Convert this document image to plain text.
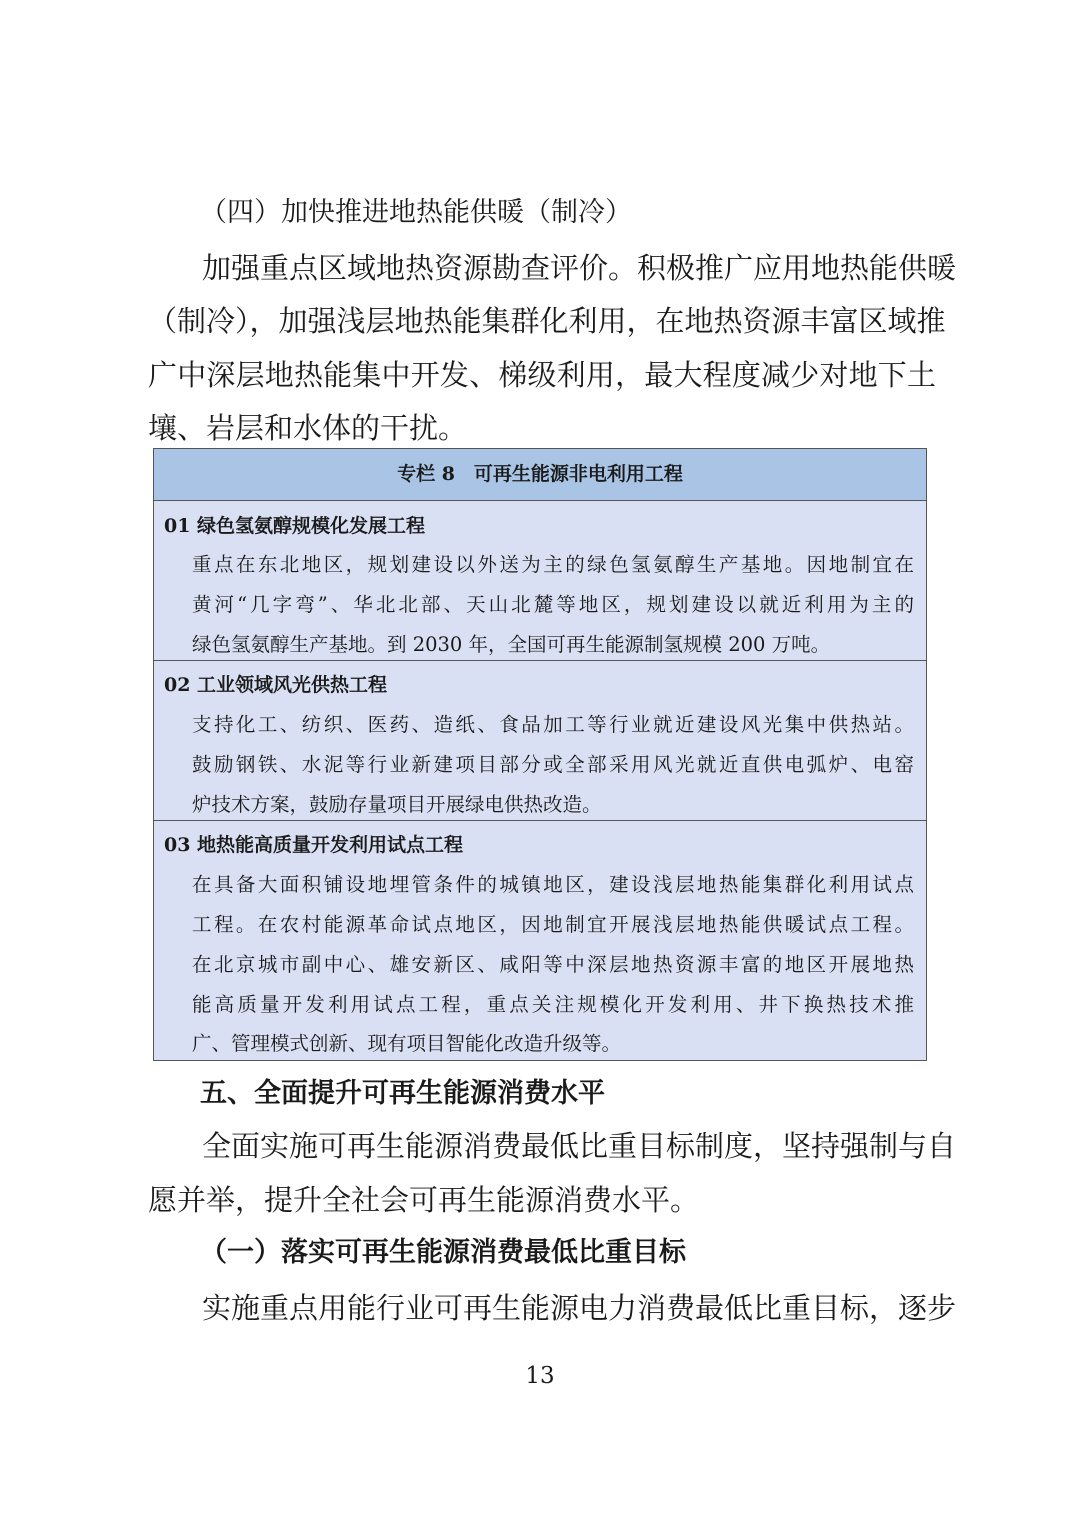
（四）加快推进地热能供暖（制冷）
加强重点区域地热资源勘查评价。积极推广应用地热能供暖
（制冷），加强浅层地热能集群化利用，在地热资源丰富区域推
广中深层地热能集中开发、梯级利用，最大程度减少对地下土
壤、岩层和水体的干扰。
专栏 8　可再生能源非电利用工程
01 绿色氢氨醇规模化发展工程
重点在东北地区，规划建设以外送为主的绿色氢氨醇生产基地。因地制宜在
黄河“几字弯”、华北北部、天山北麓等地区，规划建设以就近利用为主的
绿色氢氨醇生产基地。到 2030 年，全国可再生能源制氢规模 200 万吨。
02 工业领域风光供热工程
支持化工、纺织、医药、造纸、食品加工等行业就近建设风光集中供热站。
鼓励钢铁、水泥等行业新建项目部分或全部采用风光就近直供电弧炉、电窑
炉技术方案，鼓励存量项目开展绿电供热改造。
03 地热能高质量开发利用试点工程
在具备大面积铺设地埋管条件的城镇地区，建设浅层地热能集群化利用试点
工程。在农村能源革命试点地区，因地制宜开展浅层地热能供暖试点工程。
在北京城市副中心、雄安新区、咸阳等中深层地热资源丰富的地区开展地热
能高质量开发利用试点工程，重点关注规模化开发利用、井下换热技术推
广、管理模式创新、现有项目智能化改造升级等。
五、全面提升可再生能源消费水平
全面实施可再生能源消费最低比重目标制度，坚持强制与自
愿并举，提升全社会可再生能源消费水平。
（一）落实可再生能源消费最低比重目标
实施重点用能行业可再生能源电力消费最低比重目标，逐步
13
